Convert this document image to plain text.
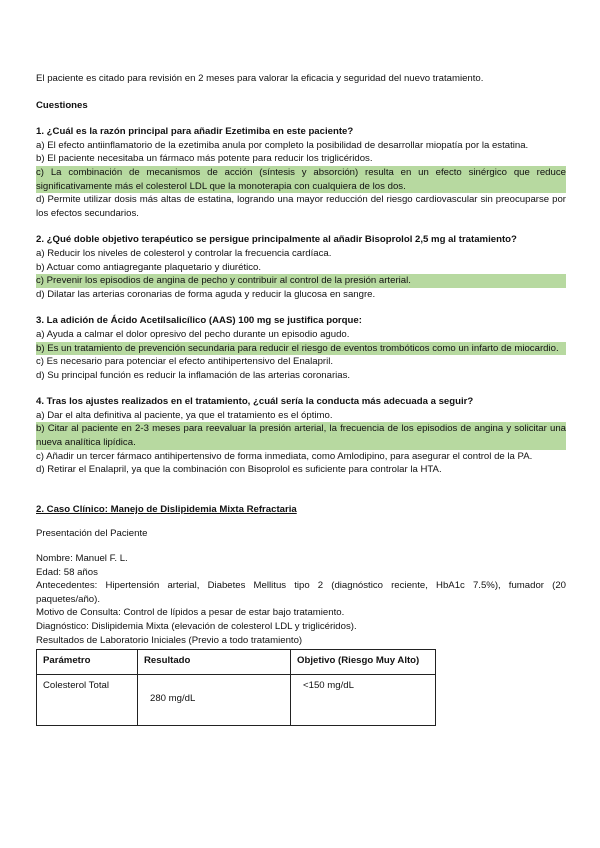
El paciente es citado para revisión en 2 meses para valorar la eficacia y seguridad del nuevo tratamiento.

Cuestiones

1. ¿Cuál es la razón principal para añadir Ezetimiba en este paciente?

a) El efecto antiinflamatorio de la ezetimiba anula por completo la posibilidad de desarrollar miopatía por la estatina.

b) El paciente necesitaba un fármaco más potente para reducir los triglicéridos.

c) La combinación de mecanismos de acción (síntesis y absorción) resulta en un efecto sinérgico que reduce significativamente más el colesterol LDL que la monoterapia con cualquiera de los dos.

d) Permite utilizar dosis más altas de estatina, logrando una mayor reducción del riesgo cardiovascular sin preocuparse por los efectos secundarios.

2. ¿Qué doble objetivo terapéutico se persigue principalmente al añadir Bisoprolol 2,5 mg al tratamiento?

a) Reducir los niveles de colesterol y controlar la frecuencia cardíaca.

b) Actuar como antiagregante plaquetario y diurético.

c) Prevenir los episodios de angina de pecho y contribuir al control de la presión arterial.

d) Dilatar las arterias coronarias de forma aguda y reducir la glucosa en sangre.

3. La adición de Ácido Acetilsalicílico (AAS) 100 mg se justifica porque:

a) Ayuda a calmar el dolor opresivo del pecho durante un episodio agudo.

b) Es un tratamiento de prevención secundaria para reducir el riesgo de eventos trombóticos como un infarto de miocardio.

c) Es necesario para potenciar el efecto antihipertensivo del Enalapril.

d) Su principal función es reducir la inflamación de las arterias coronarias.

4. Tras los ajustes realizados en el tratamiento, ¿cuál sería la conducta más adecuada a seguir?

a) Dar el alta definitiva al paciente, ya que el tratamiento es el óptimo.

b) Citar al paciente en 2-3 meses para reevaluar la presión arterial, la frecuencia de los episodios de angina y solicitar una nueva analítica lipídica.

c) Añadir un tercer fármaco antihipertensivo de forma inmediata, como Amlodipino, para asegurar el control de la PA.

d) Retirar el Enalapril, ya que la combinación con Bisoprolol es suficiente para controlar la HTA.

2. Caso Clínico: Manejo de Dislipidemia Mixta Refractaria

Presentación del Paciente

Nombre: Manuel F. L.

Edad: 58 años

Antecedentes: Hipertensión arterial, Diabetes Mellitus tipo 2 (diagnóstico reciente, HbA1c 7.5%), fumador (20 paquetes/año).

Motivo de Consulta: Control de lípidos a pesar de estar bajo tratamiento.

Diagnóstico: Dislipidemia Mixta (elevación de colesterol LDL y triglicéridos).

Resultados de Laboratorio Iniciales (Previo a todo tratamiento)

Parámetro	Resultado	Objetivo (Riesgo Muy Alto)
Colesterol Total	280 mg/dL	<150 mg/dL
